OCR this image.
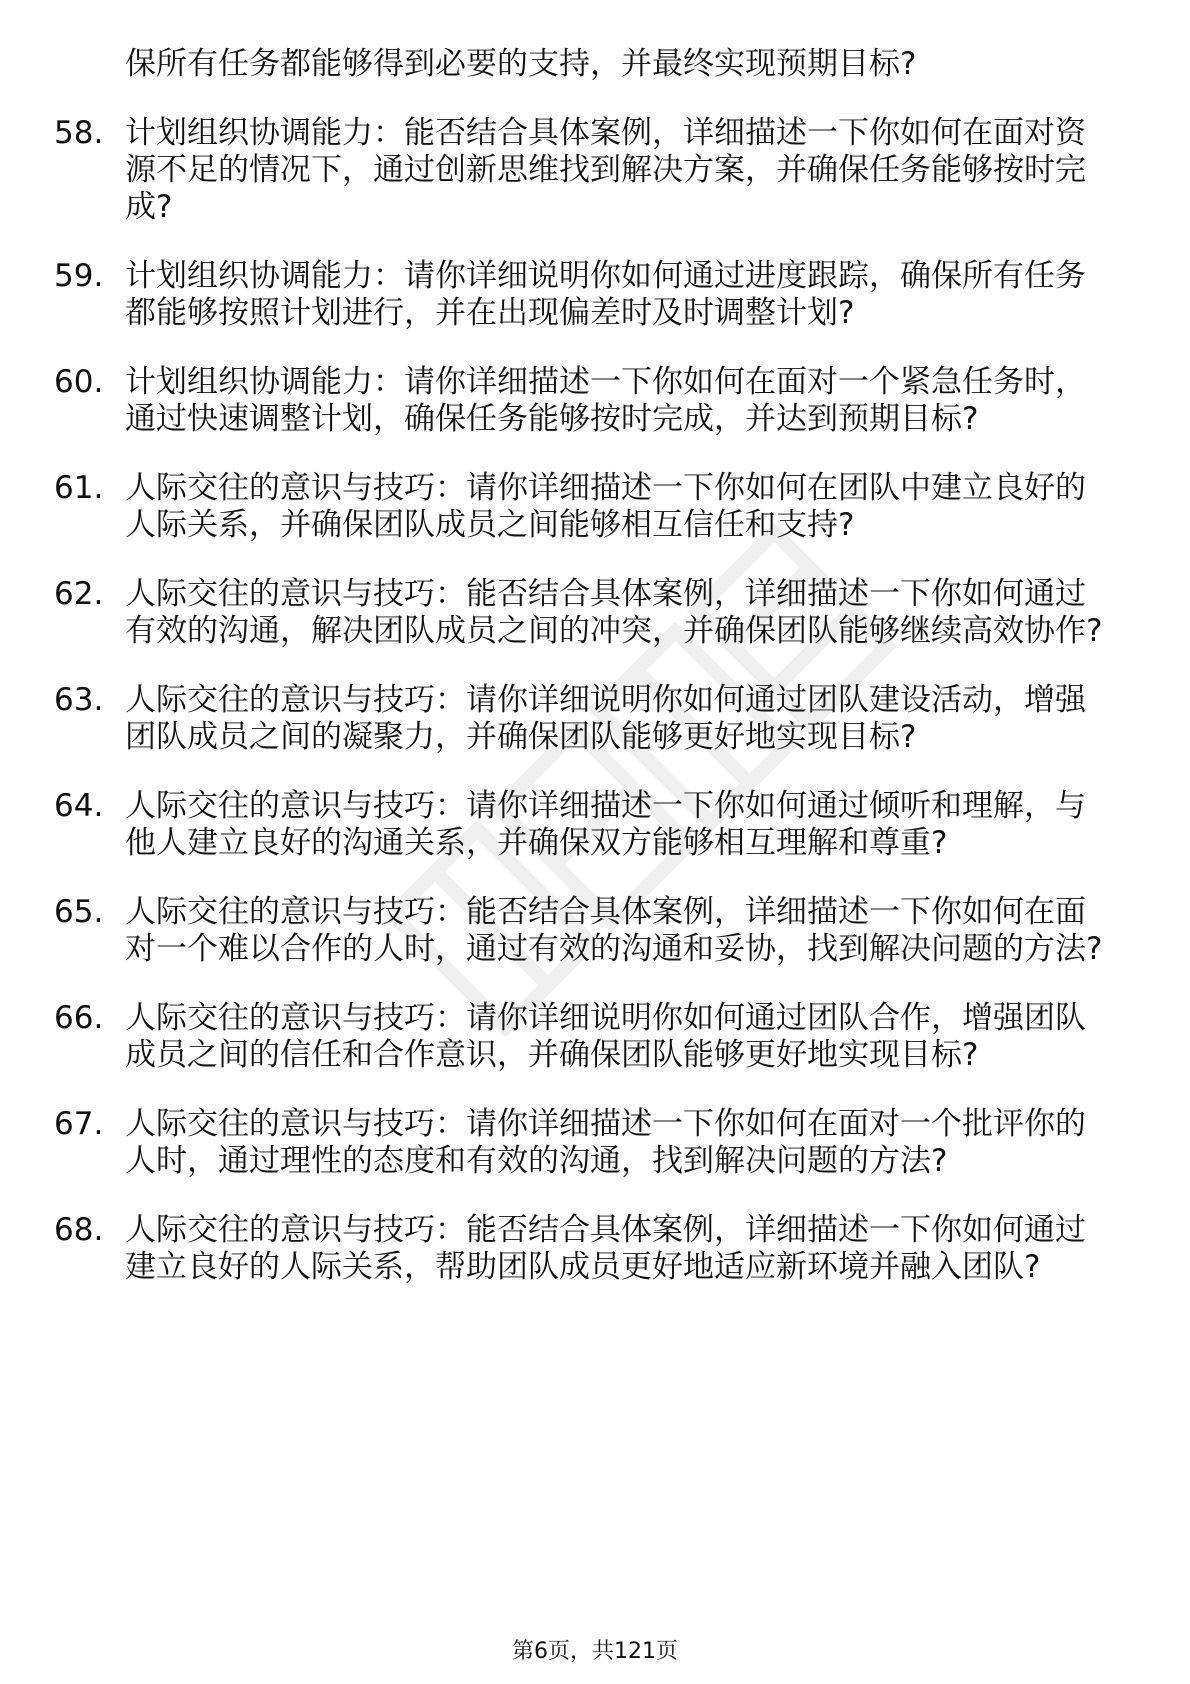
保所有任务都能够得到必要的支持，并最终实现预期目标?
58. 计划组织协调能力：能否结合具体案例，详细描述一下你如何在面对资源不足的情况下，通过创新思维找到解决方案，并确保任务能够按时完成?
59. 计划组织协调能力：请你详细说明你如何通过进度跟踪，确保所有任务都能够按照计划进行，并在出现偏差时及时调整计划?
60. 计划组织协调能力：请你详细描述一下你如何在面对一个紧急任务时，通过快速调整计划，确保任务能够按时完成，并达到预期目标?
61. 人际交往的意识与技巧：请你详细描述一下你如何在团队中建立良好的人际关系，并确保团队成员之间能够相互信任和支持?
62. 人际交往的意识与技巧：能否结合具体案例，详细描述一下你如何通过有效的沟通，解决团队成员之间的冲突，并确保团队能够继续高效协作?
63. 人际交往的意识与技巧：请你详细说明你如何通过团队建设活动，增强团队成员之间的凝聚力，并确保团队能够更好地实现目标?
64. 人际交往的意识与技巧：请你详细描述一下你如何通过倾听和理解，与他人建立良好的沟通关系，并确保双方能够相互理解和尊重?
65. 人际交往的意识与技巧：能否结合具体案例，详细描述一下你如何在面对一个难以合作的人时，通过有效的沟通和妥协，找到解决问题的方法?
66. 人际交往的意识与技巧：请你详细说明你如何通过团队合作，增强团队成员之间的信任和合作意识，并确保团队能够更好地实现目标?
67. 人际交往的意识与技巧：请你详细描述一下你如何在面对一个批评你的人时，通过理性的态度和有效的沟通，找到解决问题的方法?
68. 人际交往的意识与技巧：能否结合具体案例，详细描述一下你如何通过建立良好的人际关系，帮助团队成员更好地适应新环境并融入团队?
第6页，共121页
